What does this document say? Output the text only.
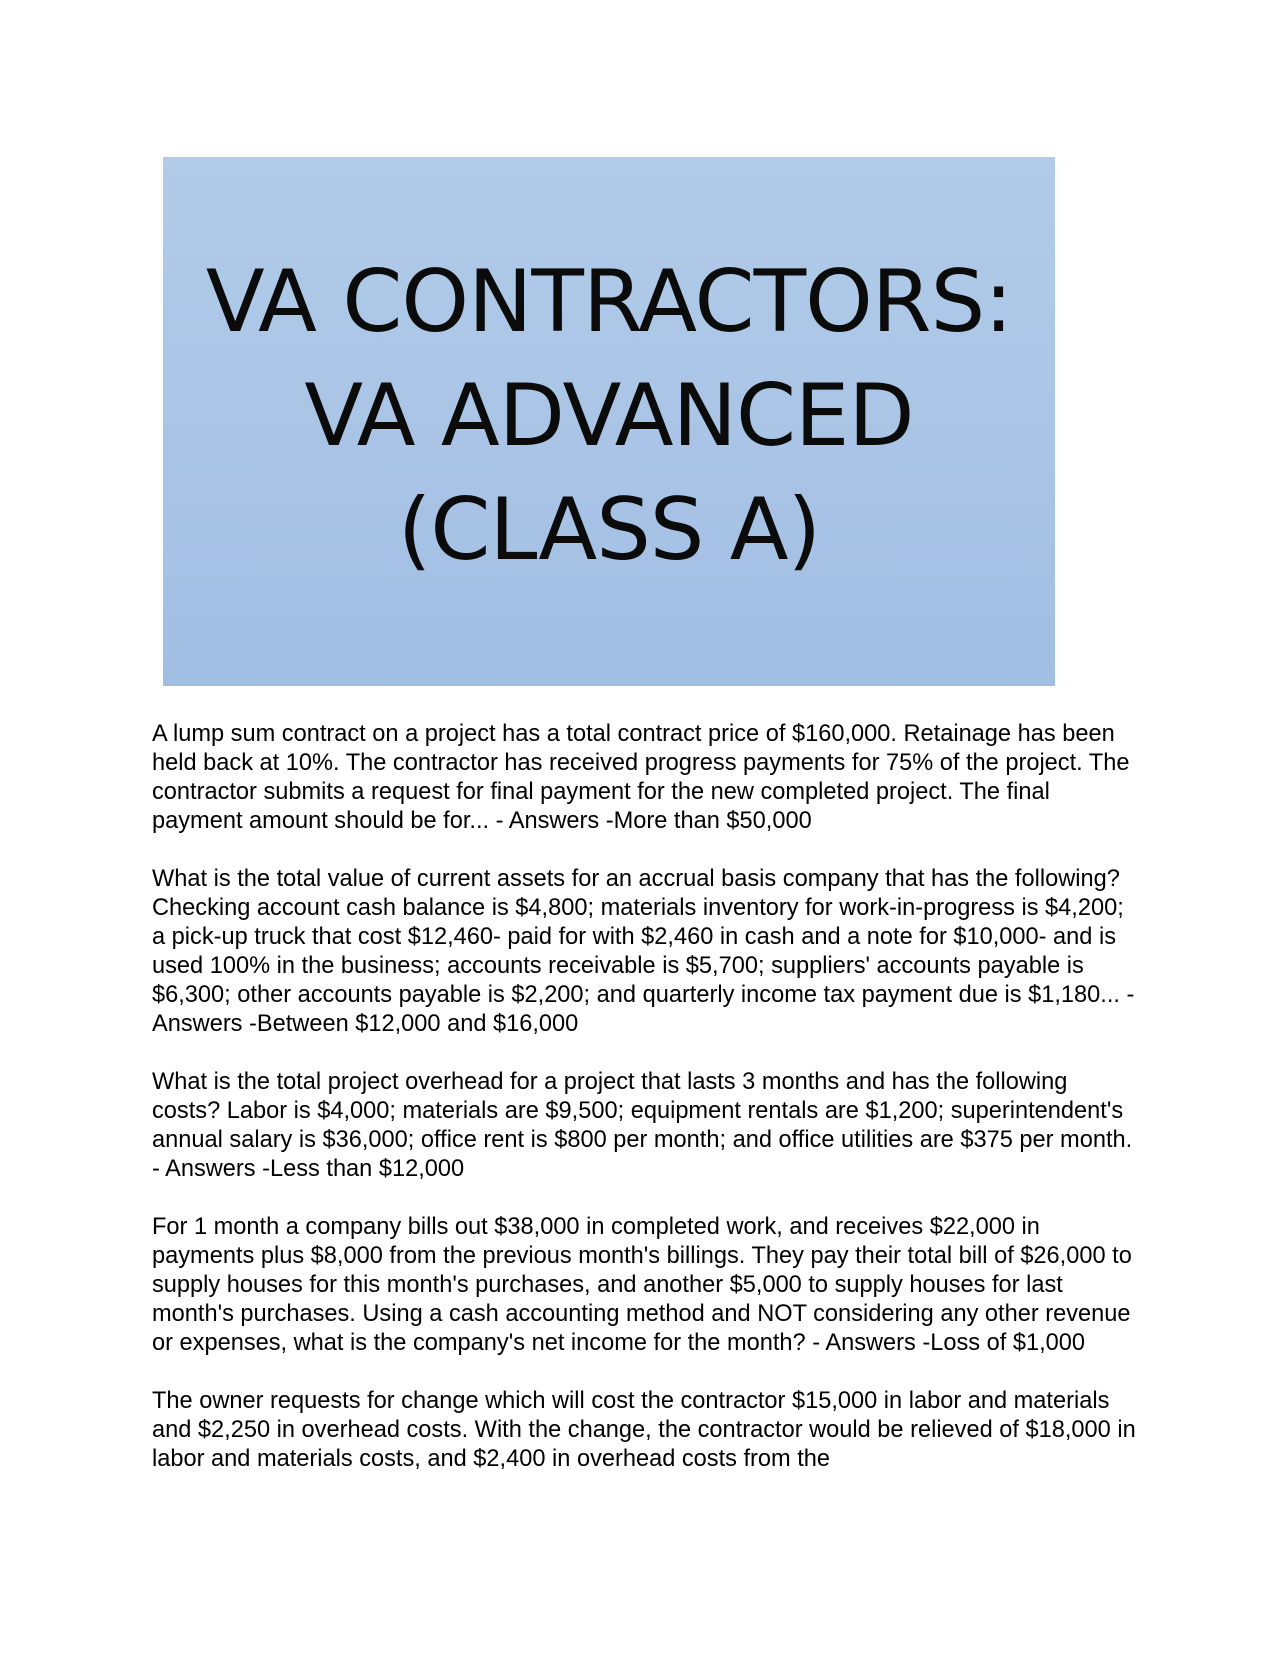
VA CONTRACTORS:
VA ADVANCED
(CLASS A)

A lump sum contract on a project has a total contract price of $160,000. Retainage has been held back at 10%. The contractor has received progress payments for 75% of the project. The contractor submits a request for final payment for the new completed project. The final payment amount should be for... - Answers -More than $50,000

What is the total value of current assets for an accrual basis company that has the following? Checking account cash balance is $4,800; materials inventory for work-in-progress is $4,200; a pick-up truck that cost $12,460- paid for with $2,460 in cash and a note for $10,000- and is used 100% in the business; accounts receivable is $5,700; suppliers' accounts payable is $6,300; other accounts payable is $2,200; and quarterly income tax payment due is $1,180... - Answers -Between $12,000 and $16,000

What is the total project overhead for a project that lasts 3 months and has the following costs? Labor is $4,000; materials are $9,500; equipment rentals are $1,200; superintendent's annual salary is $36,000; office rent is $800 per month; and office utilities are $375 per month. - Answers -Less than $12,000

For 1 month a company bills out $38,000 in completed work, and receives $22,000 in payments plus $8,000 from the previous month's billings. They pay their total bill of $26,000 to supply houses for this month's purchases, and another $5,000 to supply houses for last month's purchases. Using a cash accounting method and NOT considering any other revenue or expenses, what is the company's net income for the month? - Answers -Loss of $1,000

The owner requests for change which will cost the contractor $15,000 in labor and materials and $2,250 in overhead costs. With the change, the contractor would be relieved of $18,000 in labor and materials costs, and $2,400 in overhead costs from the
